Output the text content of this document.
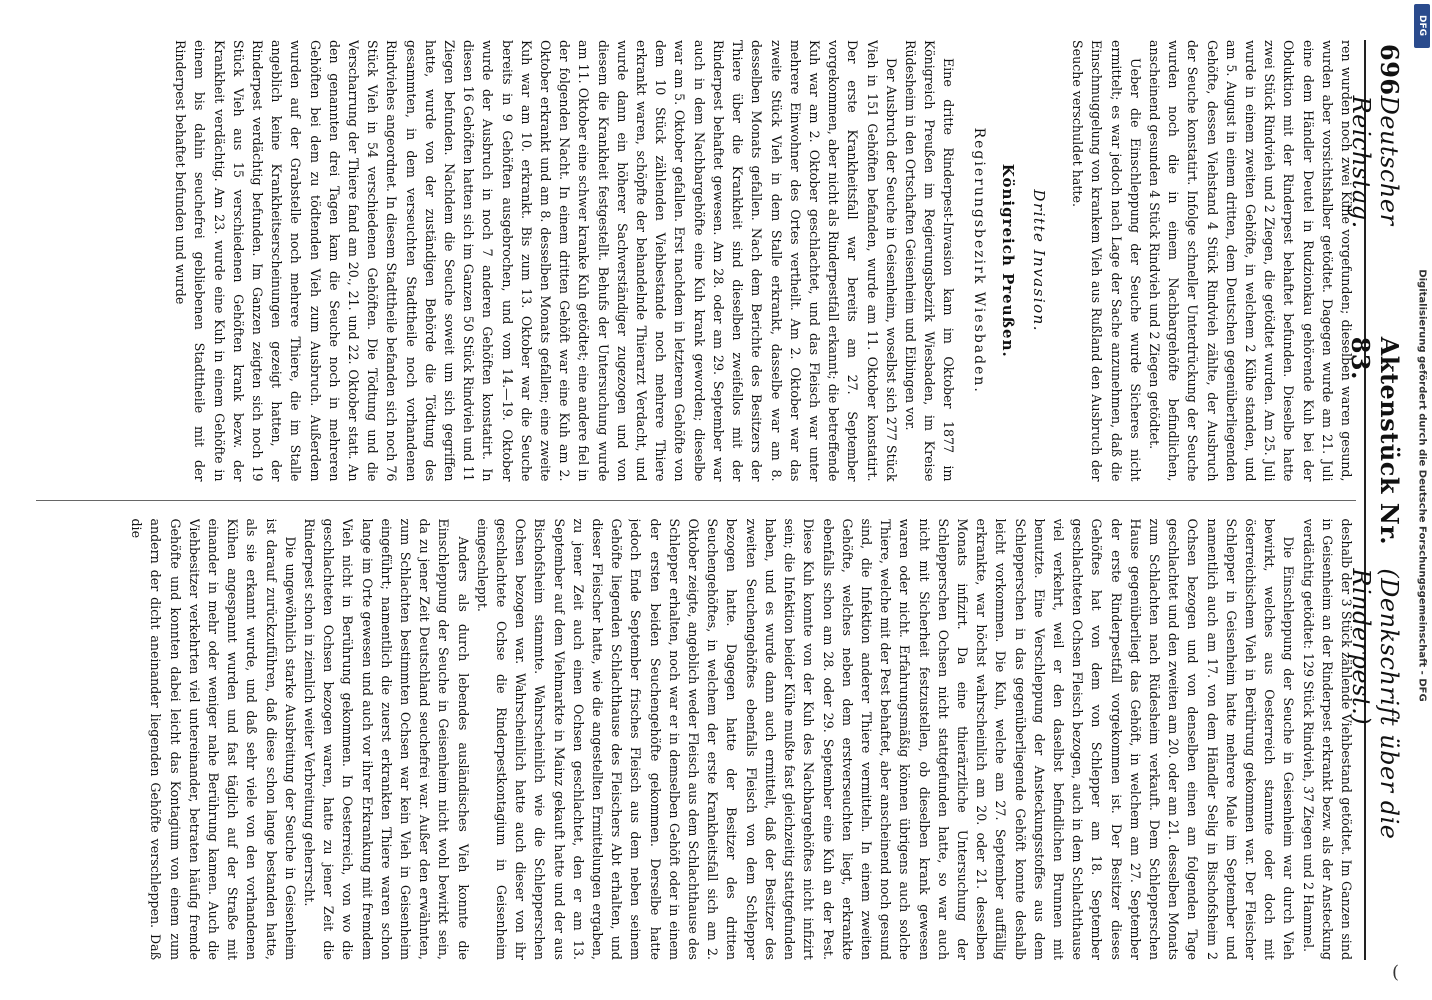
696
Deutscher Reichstag.
Aktenstück Nr. 83.
(Denkschrift über die Rinderpest.)

ren wurden noch zwei Kühe vorgefunden; dieselben waren gesund, wurden aber vorsichtshalber getödtet. Dagegen wurde am 21. Juli eine dem Händler Deutel in Rudzionkau gehörende Kuh bei der Obduktion mit der Rinderpest behaftet befunden. Dieselbe hatte zwei Stück Rindvieh und 2 Ziegen, die getödtet wurden. Am 25. Juli wurde in einem zweiten Gehöfte, in welchem 2 Kühe standen, und am 5. August in einem dritten, dem Deutschen gegenüberliegenden Gehöfte, dessen Viehstand 4 Stück Rindvieh zählte, der Ausbruch der Seuche konstatirt. Infolge schneller Unterdrückung der Seuche wurden noch die in einem Nachbargehöfte befindlichen, anscheinend gesunden 4 Stück Rindvieh und 2 Ziegen getödtet.

Ueber die Einschleppung der Seuche wurde Sicheres nicht ermittelt; es war jedoch nach Lage der Sache anzunehmen, daß die Einschmuggelung von krankem Vieh aus Rußland den Ausbruch der Seuche verschuldet hatte.

Dritte Invasion.
Königreich Preußen.
Regierungsbezirk Wiesbaden.

Eine dritte Rinderpest-Invasion kam im Oktober 1877 im Königreich Preußen im Regierungsbezirk Wiesbaden, im Kreise Rüdesheim in den Ortschaften Geisenheim und Eibingen vor.

Der Ausbruch der Seuche in Geisenheim, woselbst sich 277 Stück Vieh in 151 Gehöften befanden, wurde am 11. Oktober konstatirt. Der erste Krankheitsfall war bereits am 27. September vorgekommen, aber nicht als Rinderpestfall erkannt; die betreffende Kuh war am 2. Oktober geschlachtet, und das Fleisch war unter mehrere Einwohner des Ortes vertheilt. Am 2. Oktober war das zweite Stück Vieh in dem Stalle erkrankt, dasselbe war am 8. desselben Monats gefallen. Nach dem Berichte des Besitzers der Thiere über die Krankheit sind dieselben zweifellos mit der Rinderpest behaftet gewesen. Am 28. oder am 29. September war auch in dem Nachbargehöfte eine Kuh krank geworden; dieselbe war am 5. Oktober gefallen. Erst nachdem in letzterem Gehöfte von dem 10 Stück zählenden Viehbestande noch mehrere Thiere erkrankt waren, schöpfte der behandelnde Thierarzt Verdacht, und wurde dann ein höherer Sachverständiger zugezogen und von diesem die Krankheit festgestellt. Behufs der Untersuchung wurde am 11. Oktober eine schwer kranke Kuh getödtet; eine andere fiel in der folgenden Nacht. In einem dritten Gehöft war eine Kuh am 2. Oktober erkrankt und am 8. desselben Monats gefallen; eine zweite Kuh war am 10. erkrankt. Bis zum 13. Oktober war die Seuche bereits in 9 Gehöften ausgebrochen, und vom 14.—19. Oktober wurde der Ausbruch in noch 7 anderen Gehöften konstatirt. In diesen 16 Gehöften hatten sich im Ganzen 50 Stück Rindvieh und 11 Ziegen befunden. Nachdem die Seuche soweit um sich gegriffen hatte, wurde von der zuständigen Behörde die Tödtung des gesammten, in dem verseuchten Stadttheile noch vorhandenen Rindviehes angeordnet. In diesem Stadttheile befanden sich noch 76 Stück Vieh in 54 verschiedenen Gehöften. Die Tödtung und die Verscharrung der Thiere fand am 20., 21. und 22. Oktober statt. An den genannten drei Tagen kam die Seuche noch in mehreren Gehöften bei dem zu tödtenden Vieh zum Ausbruch. Außerdem wurden auf der Grabstelle noch mehrere Thiere, die im Stalle angeblich keine Krankheitserscheinungen gezeigt hatten, der Rinderpest verdächtig befunden. Im Ganzen zeigten sich noch 19 Stück Vieh aus 15 verschiedenen Gehöften krank bezw. der Krankheit verdächtig. Am 23. wurde eine Kuh in einem Gehöfte in einem bis dahin seuchefrei gebliebenen Stadttheile mit der Rinderpest behaftet befunden und wurde

deshalb der 3 Stück zählende Viehbestand getödtet. Im Ganzen sind in Geisenheim an der Rinderpest erkrankt bezw. als der Ansteckung verdächtig getödtet: 129 Stück Rindvieh, 37 Ziegen und 2 Hammel.

Die Einschleppung der Seuche in Geisenheim war durch Vieh bewirkt, welches aus Oesterreich stammte oder doch mit österreichischem Vieh in Berührung gekommen war. Der Fleischer Schlepper in Geisenheim hatte mehrere Male im September und namentlich auch am 17. von dem Händler Selig in Bischofsheim 2 Ochsen bezogen und von denselben einen am folgenden Tage geschlachtet und den zweiten am 20. oder am 21. desselben Monats zum Schlachten nach Rüdesheim verkauft. Dem Schlepperschen Hause gegenüberliegt das Gehöft, in welchem am 27. September der erste Rinderpestfall vorgekommen ist. Der Besitzer dieses Gehöftes hat von dem von Schlepper am 18. September geschlachteten Ochsen Fleisch bezogen, auch in dem Schlachthause viel verkehrt, weil er den daselbst befindlichen Brunnen mit benutzte. Eine Verschleppung der Ansteckungsstoffes aus dem Schlepperschen in das gegenüberliegende Gehöft konnte deshalb leicht vorkommen. Die Kuh, welche am 27. September auffällig erkrankte, war höchst wahrscheinlich am 20. oder 21. desselben Monats infizirt. Da eine thierärztliche Untersuchung der Schlepperschen Ochsen nicht stattgefunden hatte, so war auch nicht mit Sicherheit festzustellen, ob dieselben krank gewesen waren oder nicht. Erfahrungsmäßig können übrigens auch solche Thiere, welche mit der Pest behaftet, aber anscheinend noch gesund sind, die Infektion anderer Thiere vermitteln. In einem zweiten Gehöfte, welches neben dem erstverseuchten liegt, erkrankte ebenfalls schon am 28. oder 29. September eine Kuh an der Pest. Diese Kuh konnte von der Kuh des Nachbargehöftes nicht infizirt sein; die Infektion beider Kühe mußte fast gleichzeitig stattgefunden haben, und es wurde dann auch ermittelt, daß der Besitzer des zweiten Seuchengehöftes ebenfalls Fleisch von dem Schlepper bezogen hatte. Dagegen hatte der Besitzer des dritten Seuchengehöftes, in welchem der erste Krankheitsfall sich am 2. Oktober zeigte, angeblich weder Fleisch aus dem Schlachthause des Schlepper erhalten, noch war er in demselben Gehöft oder in einem der ersten beiden Seuchengehöfte gekommen. Derselbe hatte jedoch Ende September frisches Fleisch aus dem neben seinem Gehöfte liegenden Schlachthause des Fleischers Abt erhalten, und dieser Fleischer hatte, wie die angestellten Ermittelungen ergaben, zu jener Zeit auch einen Ochsen geschlachtet, den er am 13. September auf dem Viehmarkte in Mainz gekauft hatte und der aus Bischofsheim stammte. Wahrscheinlich wie die Schlepperschen Ochsen bezogen war. Wahrscheinlich hatte auch dieser von ihr geschlachtete Ochse die Rinderpestkontagium in Geisenheim eingeschleppt.

Anders als durch lebendes ausländisches Vieh konnte die Einschleppung der Seuche in Geisenheim nicht wohl bewirkt sein, da zu jener Zeit Deutschland seuchefrei war. Außer den erwähnten, zum Schlachten bestimmten Ochsen war kein Vieh in Geisenheim eingeführt; namentlich die zuerst erkrankten Thiere waren schon lange im Orte gewesen und auch vor ihrer Erkrankung mit fremdem Vieh nicht in Berührung gekommen. In Oesterreich, von wo die geschlachteten Ochsen bezogen waren, hatte zu jener Zeit die Rinderpest schon in ziemlich weiter Verbreitung geherrscht.

Die ungewöhnlich starke Ausbreitung der Seuche in Geisenheim ist darauf zurückzuführen, daß diese schon lange bestanden hatte, als sie erkannt wurde, und daß sehr viele von den vorhandenen Kühen angespannt wurden und fast täglich auf der Straße mit einander in mehr oder weniger nahe Berührung kamen. Auch die Viehbesitzer verkehrten viel untereinander, betraten häufig fremde Gehöfte und konnten dabei leicht das Kontagium von einem zum andern der dicht aneinander liegenden Gehöfte verschleppen. Daß die

DFG
Digitalisierung gefördert durch die Deutsche Forschungsgemeinschaft - DFG
(
